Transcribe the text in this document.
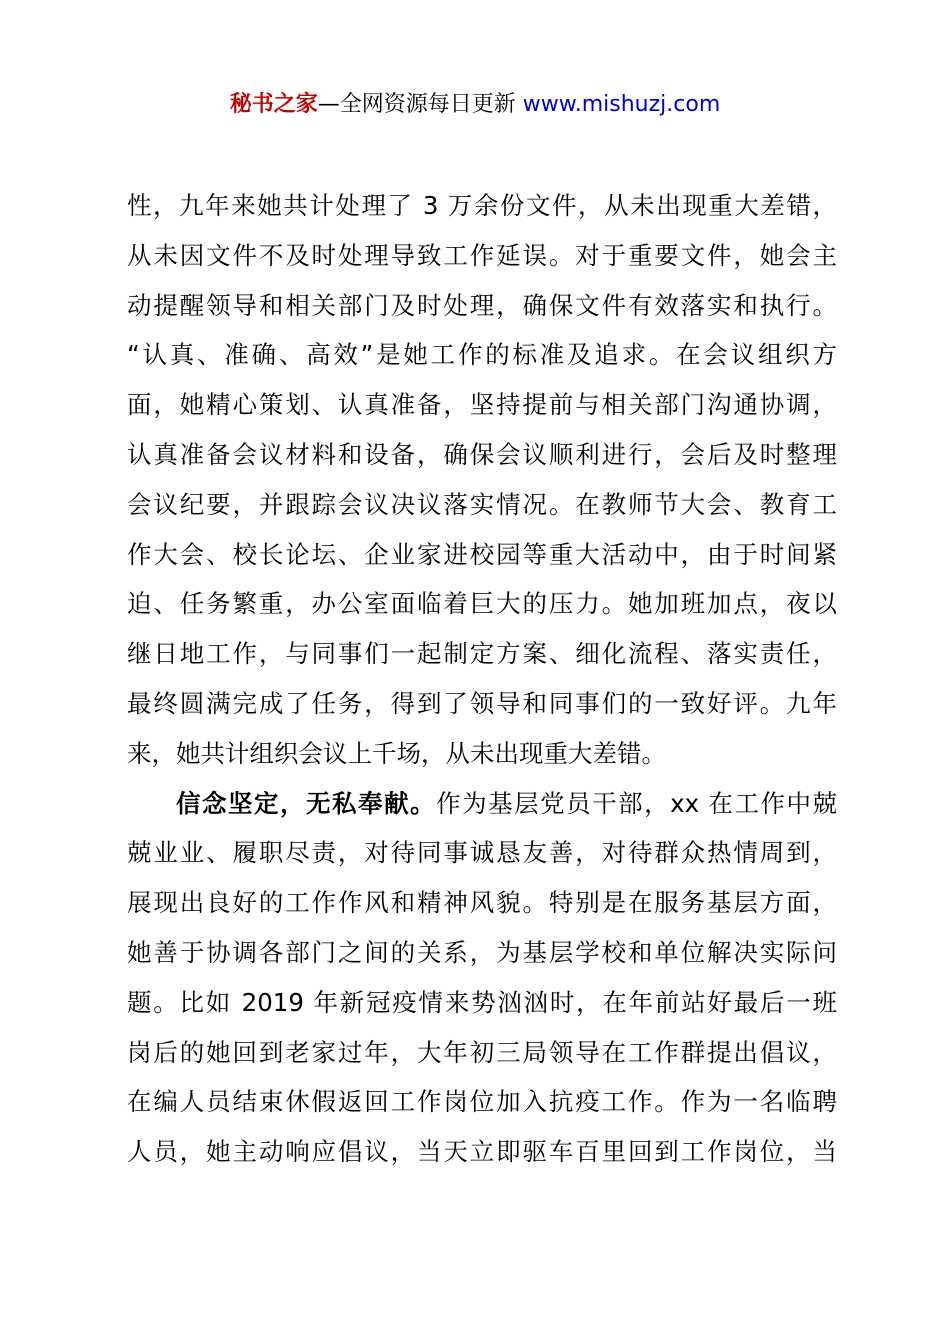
秘书之家—全网资源每日更新 www.mishuzj.com
性，九年来她共计处理了 3 万余份文件，从未出现重大差错，
从未因文件不及时处理导致工作延误。对于重要文件，她会主
动提醒领导和相关部门及时处理，确保文件有效落实和执行。
“认真、准确、高效”是她工作的标准及追求。在会议组织方
面，她精心策划、认真准备，坚持提前与相关部门沟通协调，
认真准备会议材料和设备，确保会议顺利进行，会后及时整理
会议纪要，并跟踪会议决议落实情况。在教师节大会、教育工
作大会、校长论坛、企业家进校园等重大活动中，由于时间紧
迫、任务繁重，办公室面临着巨大的压力。她加班加点，夜以
继日地工作，与同事们一起制定方案、细化流程、落实责任，
最终圆满完成了任务，得到了领导和同事们的一致好评。九年
来，她共计组织会议上千场，从未出现重大差错。
信念坚定，无私奉献。作为基层党员干部，xx 在工作中兢
兢业业、履职尽责，对待同事诚恳友善，对待群众热情周到，
展现出良好的工作作风和精神风貌。特别是在服务基层方面，
她善于协调各部门之间的关系，为基层学校和单位解决实际问
题。比如 2019 年新冠疫情来势汹汹时，在年前站好最后一班
岗后的她回到老家过年，大年初三局领导在工作群提出倡议，
在编人员结束休假返回工作岗位加入抗疫工作。作为一名临聘
人员，她主动响应倡议，当天立即驱车百里回到工作岗位，当
